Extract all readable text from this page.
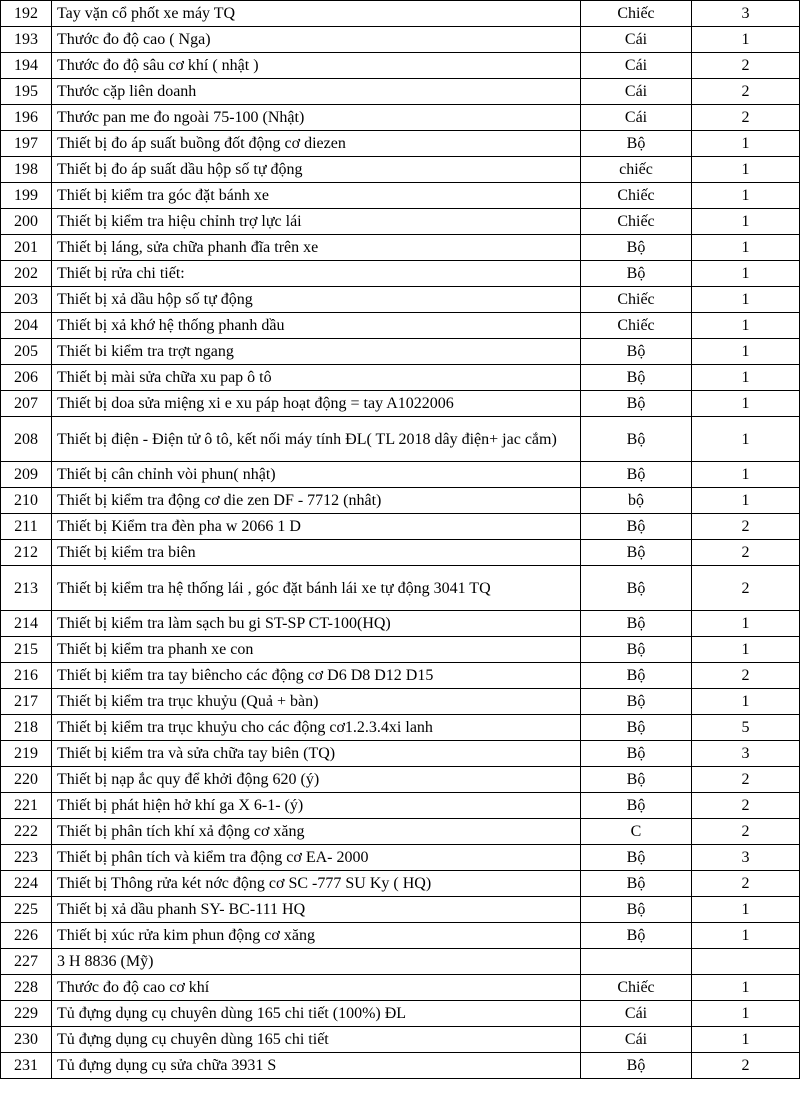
192	Tay vặn cổ phốt xe máy TQ	Chiếc	3
193	Thước đo độ cao ( Nga)	Cái	1
194	Thước đo độ sâu cơ khí ( nhật )	Cái	2
195	Thước cặp liên doanh	Cái	2
196	Thước pan me đo ngoài 75-100 (Nhật)	Cái	2
197	Thiết bị đo áp suất buồng đốt động cơ diezen	Bộ	1
198	Thiết bị đo áp suất dầu hộp số tự động	chiếc	1
199	Thiết bị kiểm tra góc đặt bánh xe	Chiếc	1
200	Thiết bị kiểm tra hiệu chỉnh trợ lực lái	Chiếc	1
201	Thiết bị láng, sửa chữa phanh đĩa trên xe	Bộ	1
202	Thiết bị rửa chi tiết:	Bộ	1
203	Thiết bị xả dầu hộp số tự động	Chiếc	1
204	Thiết bị xả khớ hệ thống phanh dầu	Chiếc	1
205	Thiết bi kiểm tra trợt ngang	Bộ	1
206	Thiết bị mài sửa chữa xu pap ô tô	Bộ	1
207	Thiết bị doa sửa miệng xi e xu páp hoạt động = tay A1022006	Bộ	1
208	Thiết bị điện - Điện tử ô tô, kết nối máy tính ĐL( TL 2018 dây điện+ jac cắm)	Bộ	1
209	Thiết bị cân chỉnh vòi phun( nhật)	Bộ	1
210	Thiết bị kiểm tra động cơ die zen DF - 7712 (nhât)	bộ	1
211	Thiết bị Kiểm tra đèn pha w 2066 1 D	Bộ	2
212	Thiết bị kiểm tra biên	Bộ	2
213	Thiết bị kiểm tra hệ thống lái , góc đặt bánh lái xe tự động 3041 TQ	Bộ	2
214	Thiết bị kiểm tra làm sạch bu gi ST-SP CT-100(HQ)	Bộ	1
215	Thiết bị kiểm tra phanh xe con	Bộ	1
216	Thiết bị kiểm tra tay biêncho các động cơ D6 D8 D12 D15	Bộ	2
217	Thiết bị kiểm tra trục khuỷu (Quả + bàn)	Bộ	1
218	Thiết bị kiểm tra trục khuỷu cho các động cơ1.2.3.4xi lanh	Bộ	5
219	Thiết bị kiểm tra và sửa chữa tay biên (TQ)	Bộ	3
220	Thiết bị nạp ắc quy để khởi động 620 (ý)	Bộ	2
221	Thiết bị phát hiện hở khí ga X 6-1- (ý)	Bộ	2
222	Thiết bị phân tích khí xả động cơ xăng	C	2
223	Thiết bị phân tích và kiểm tra động cơ EA- 2000	Bộ	3
224	Thiết bị Thông rửa két nớc động cơ SC -777 SU Ky ( HQ)	Bộ	2
225	Thiết bị xả dầu phanh SY- BC-111 HQ	Bộ	1
226	Thiết bị xúc rửa kim phun động cơ xăng	Bộ	1
227	3 H 8836 (Mỹ)		
228	Thước đo độ cao cơ khí	Chiếc	1
229	Tủ đựng dụng cụ chuyên dùng 165 chi tiết (100%) ĐL	Cái	1
230	Tủ đựng dụng cụ chuyên dùng 165 chi tiết	Cái	1
231	Tủ đựng dụng cụ sửa chữa 3931 S	Bộ	2
